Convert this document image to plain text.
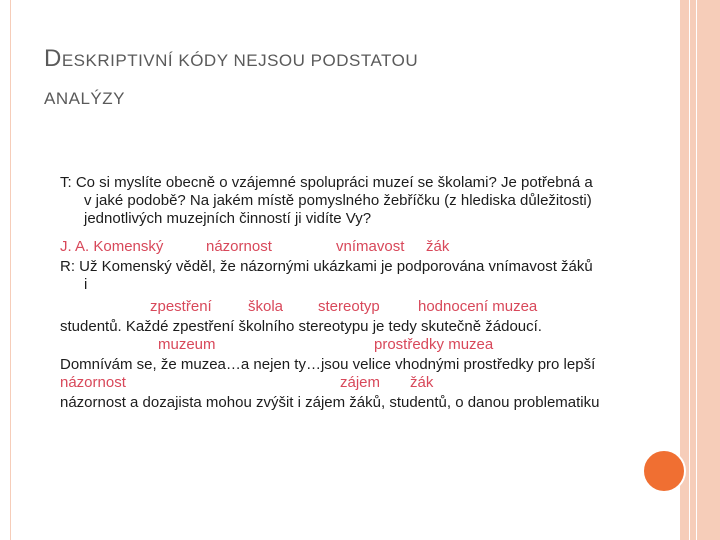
DESKRIPTIVNÍ KÓDY NEJSOU PODSTATOU
ANALÝZY

T: Co si myslíte obecně o vzájemné spolupráci muzeí se školami? Je potřebná a v jaké podobě? Na jakém místě pomyslného žebříčku (z hlediska důležitosti) jednotlivých muzejních činností ji vidíte Vy?

J. A. Komenský	názornost	vnímavost žák

R: Už Komenský věděl, že názornými ukázkami je podporována vnímavost žáků i

zpestření škola stereotyp	hodnocení muzea

studentů. Každé zpestření školního stereotypu je tedy skutečně žádoucí.

muzeum	prostředky muzea

Domnívám se, že muzea…a nejen ty…jsou velice vhodnými prostředky pro lepší

názornost	zájem žák

názornost a dozajista mohou zvýšit i zájem žáků, studentů, o danou problematiku
